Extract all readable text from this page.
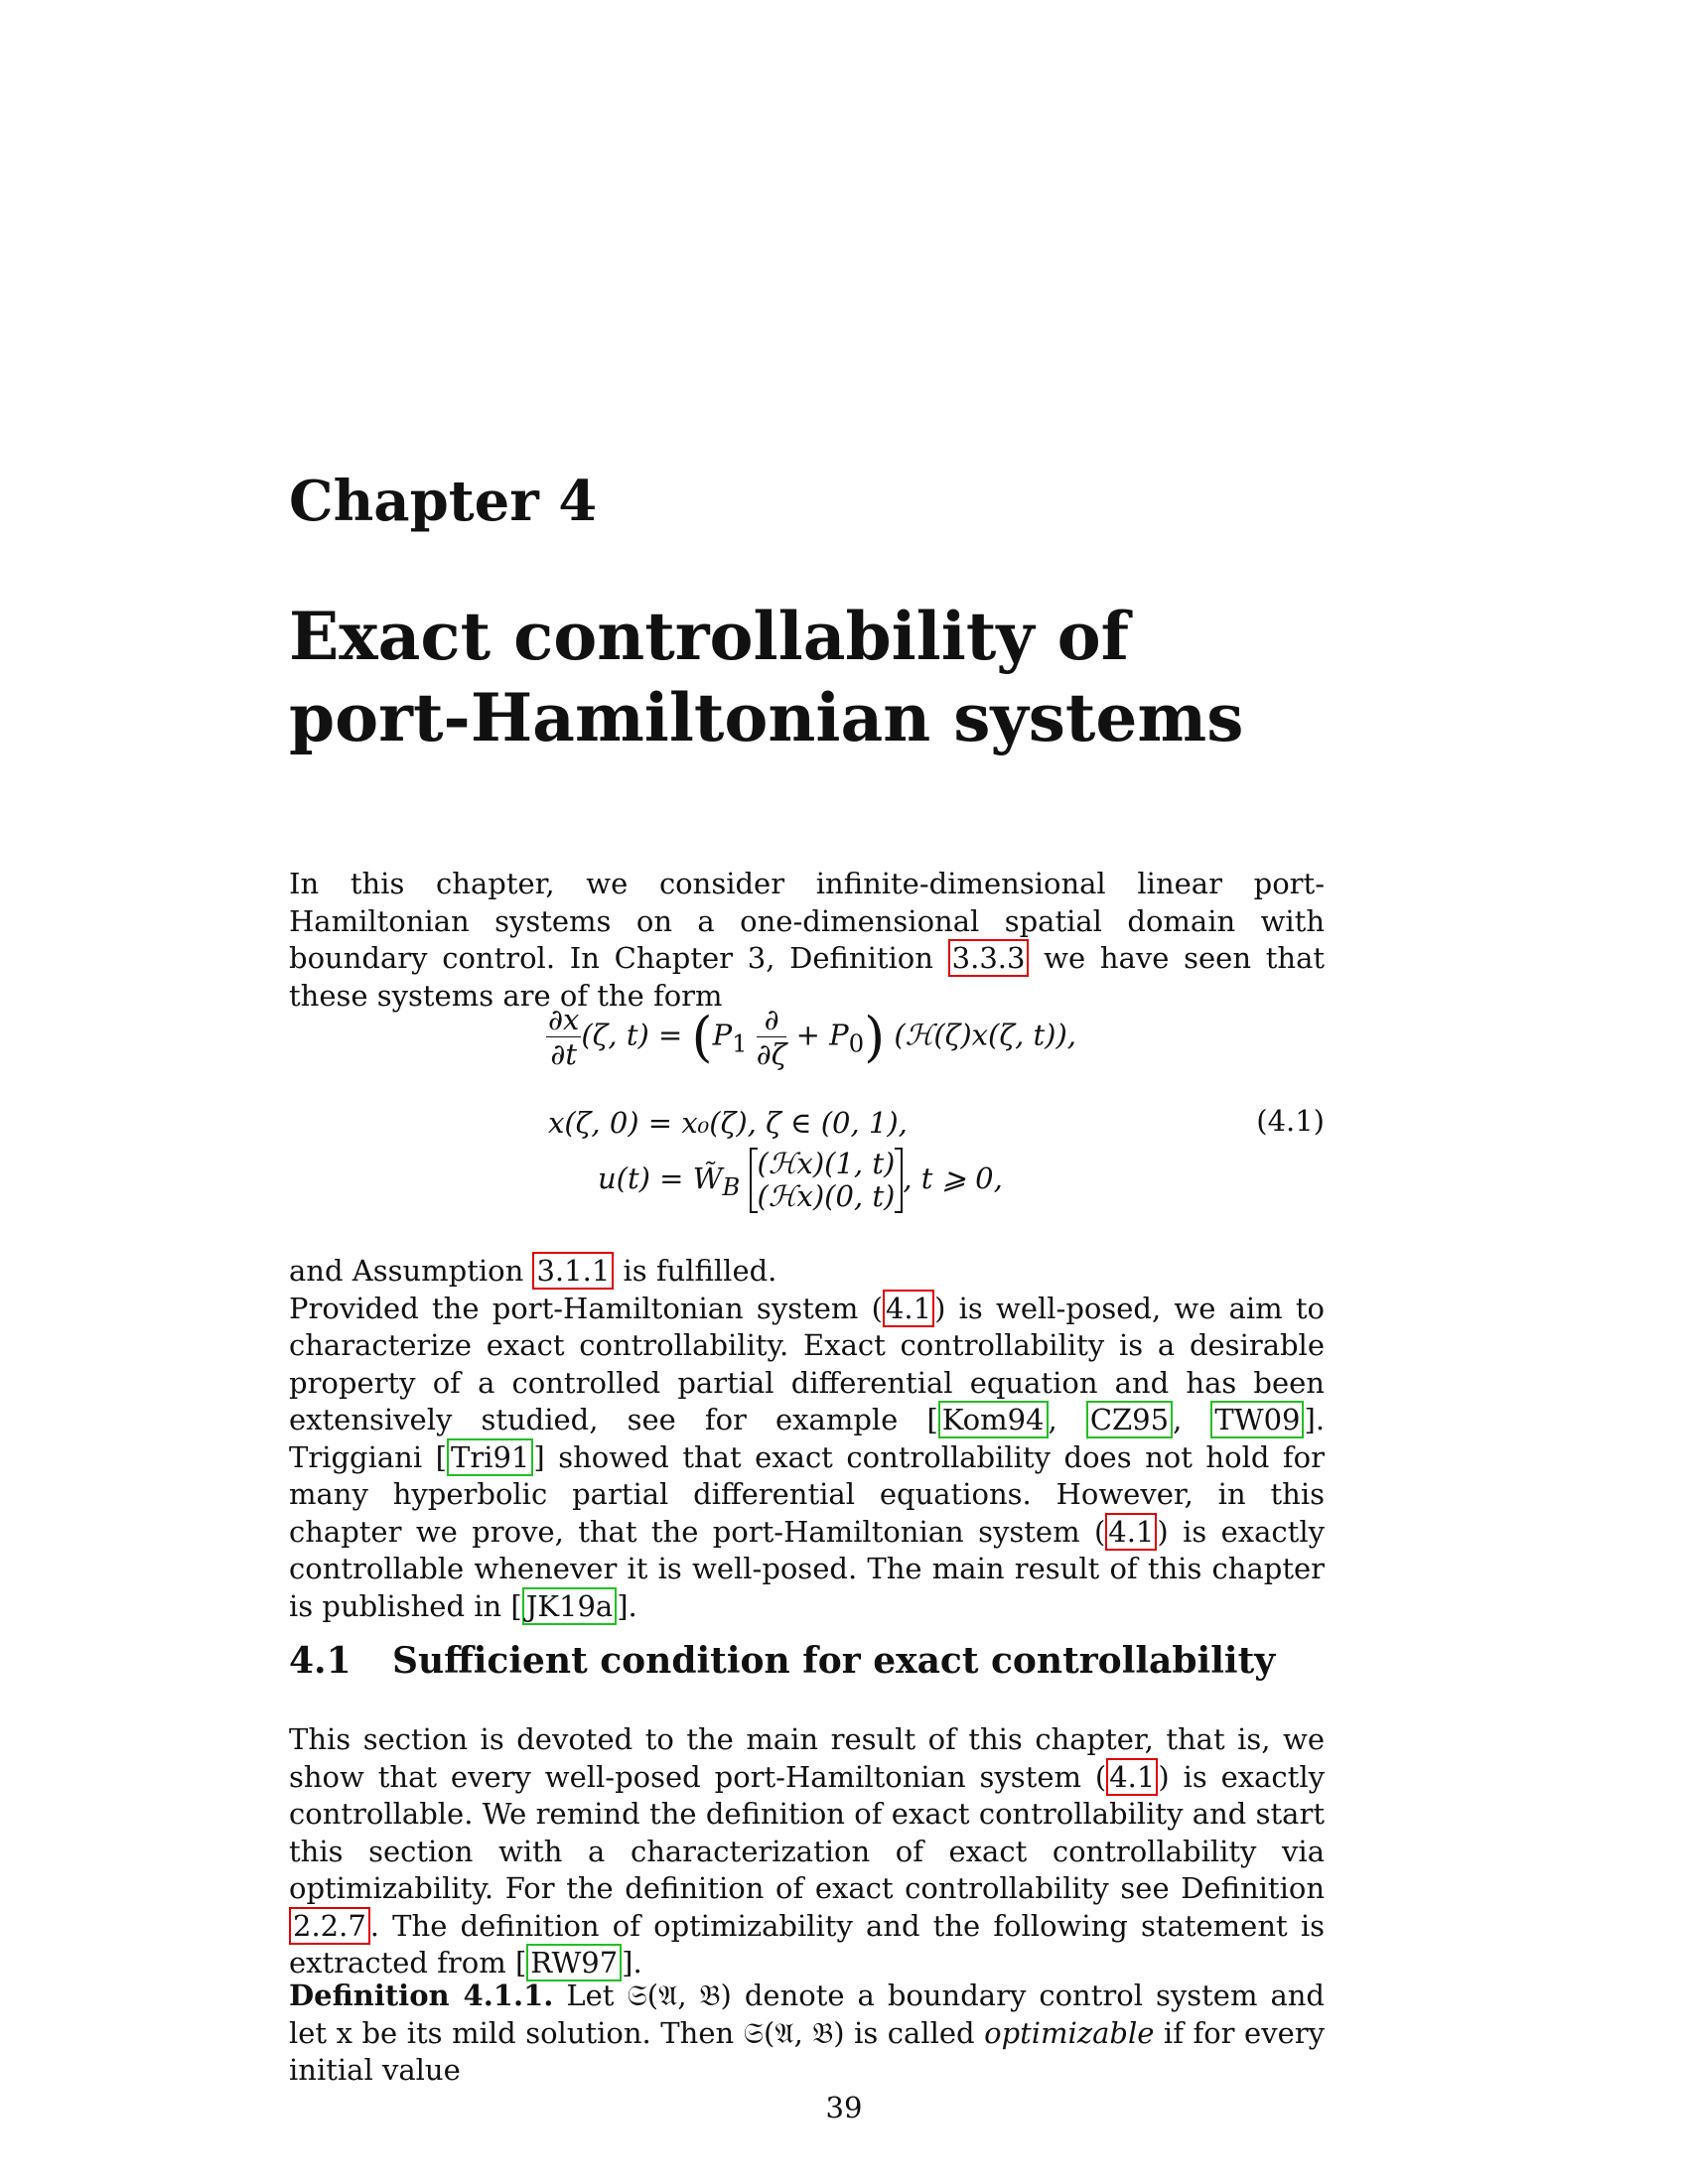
Chapter 4
Exact controllability of
port-Hamiltonian systems

In this chapter, we consider infinite-dimensional linear port-Hamiltonian systems on a one-dimensional spatial domain with boundary control. In Chapter 3, Definition 3.3.3 we have seen that these systems are of the form

$\frac{\partial x}{\partial t} (\zeta$, $t) = (P_1 \frac{\partial}{\partial\zeta} + P_0)$ (ℋ(ζ)x(ζ, t)),
x(ζ, 0) = x₀(ζ), ζ ∈ (0, 1),
$u(t) = W̃_B$
(ℋx)(1, t)
(ℋx)(0, t)
, t ⩾ 0,
(4.1)

and Assumption 3.1.1 is fulfilled.
Provided the port-Hamiltonian system ( 4.1 ) is well-posed, we aim to characterize exact controllability. Exact controllability is a desirable property of a controlled partial differential equation and has been extensively studied, see for example [ Kom94 , CZ95 , TW09 ]. Triggiani [ Tri91 ] showed that exact controllability does not hold for many hyperbolic partial differential equations. However, in this chapter we prove, that the port-Hamiltonian system ( 4.1 ) is exactly controllable whenever it is well-posed. The main result of this chapter is published in [ JK19a ].

4.1 Sufficient condition for exact controllability

This section is devoted to the main result of this chapter, that is, we show that every well-posed port-Hamiltonian system ( 4.1 ) is exactly controllable. We remind the definition of exact controllability and start this section with a characterization of exact controllability via optimizability. For the definition of exact controllability see Definition 2.2.7 . The definition of optimizability and the following statement is extracted from [ RW97 ].

Definition 4.1.1. Let 𝔖(𝔄, 𝔅) denote a boundary control system and let x be its mild solution. Then 𝔖(𝔄, 𝔅) is called optimizable if for every initial value

39
